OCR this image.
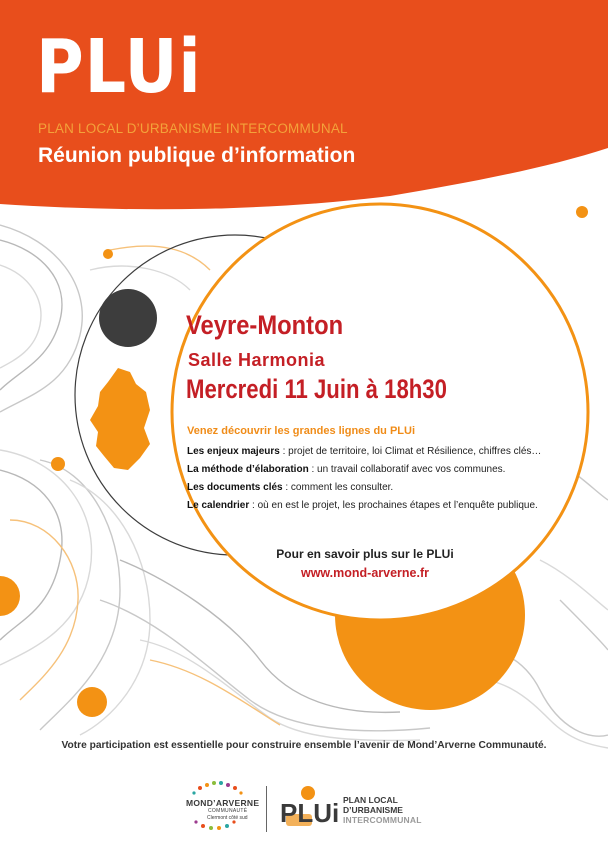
PLUi
PLUi
PLAN LOCAL D’URBANISME INTERCOMMUNAL
Réunion publique d’information
Veyre-Monton
Salle Harmonia
Mercredi 11 Juin à 18h30
Venez découvrir les grandes lignes du PLUi
Les enjeux majeurs : projet de territoire, loi Climat et Résilience, chiffres clés…
La méthode d’élaboration : un travail collaboratif avec vos communes.
Les documents clés : comment les consulter.
Le calendrier : où en est le projet, les prochaines étapes et l’enquête publique.
Pour en savoir plus sur le PLUi
www.mond-arverne.fr
Votre participation est essentielle pour construire ensemble l’avenir de Mond’Arverne Communauté.
MOND’ARVERNE
COMMUNAUTÉ
Clermont côté sud
PLAN LOCAL
D’URBANISME
INTERCOMMUNAL
